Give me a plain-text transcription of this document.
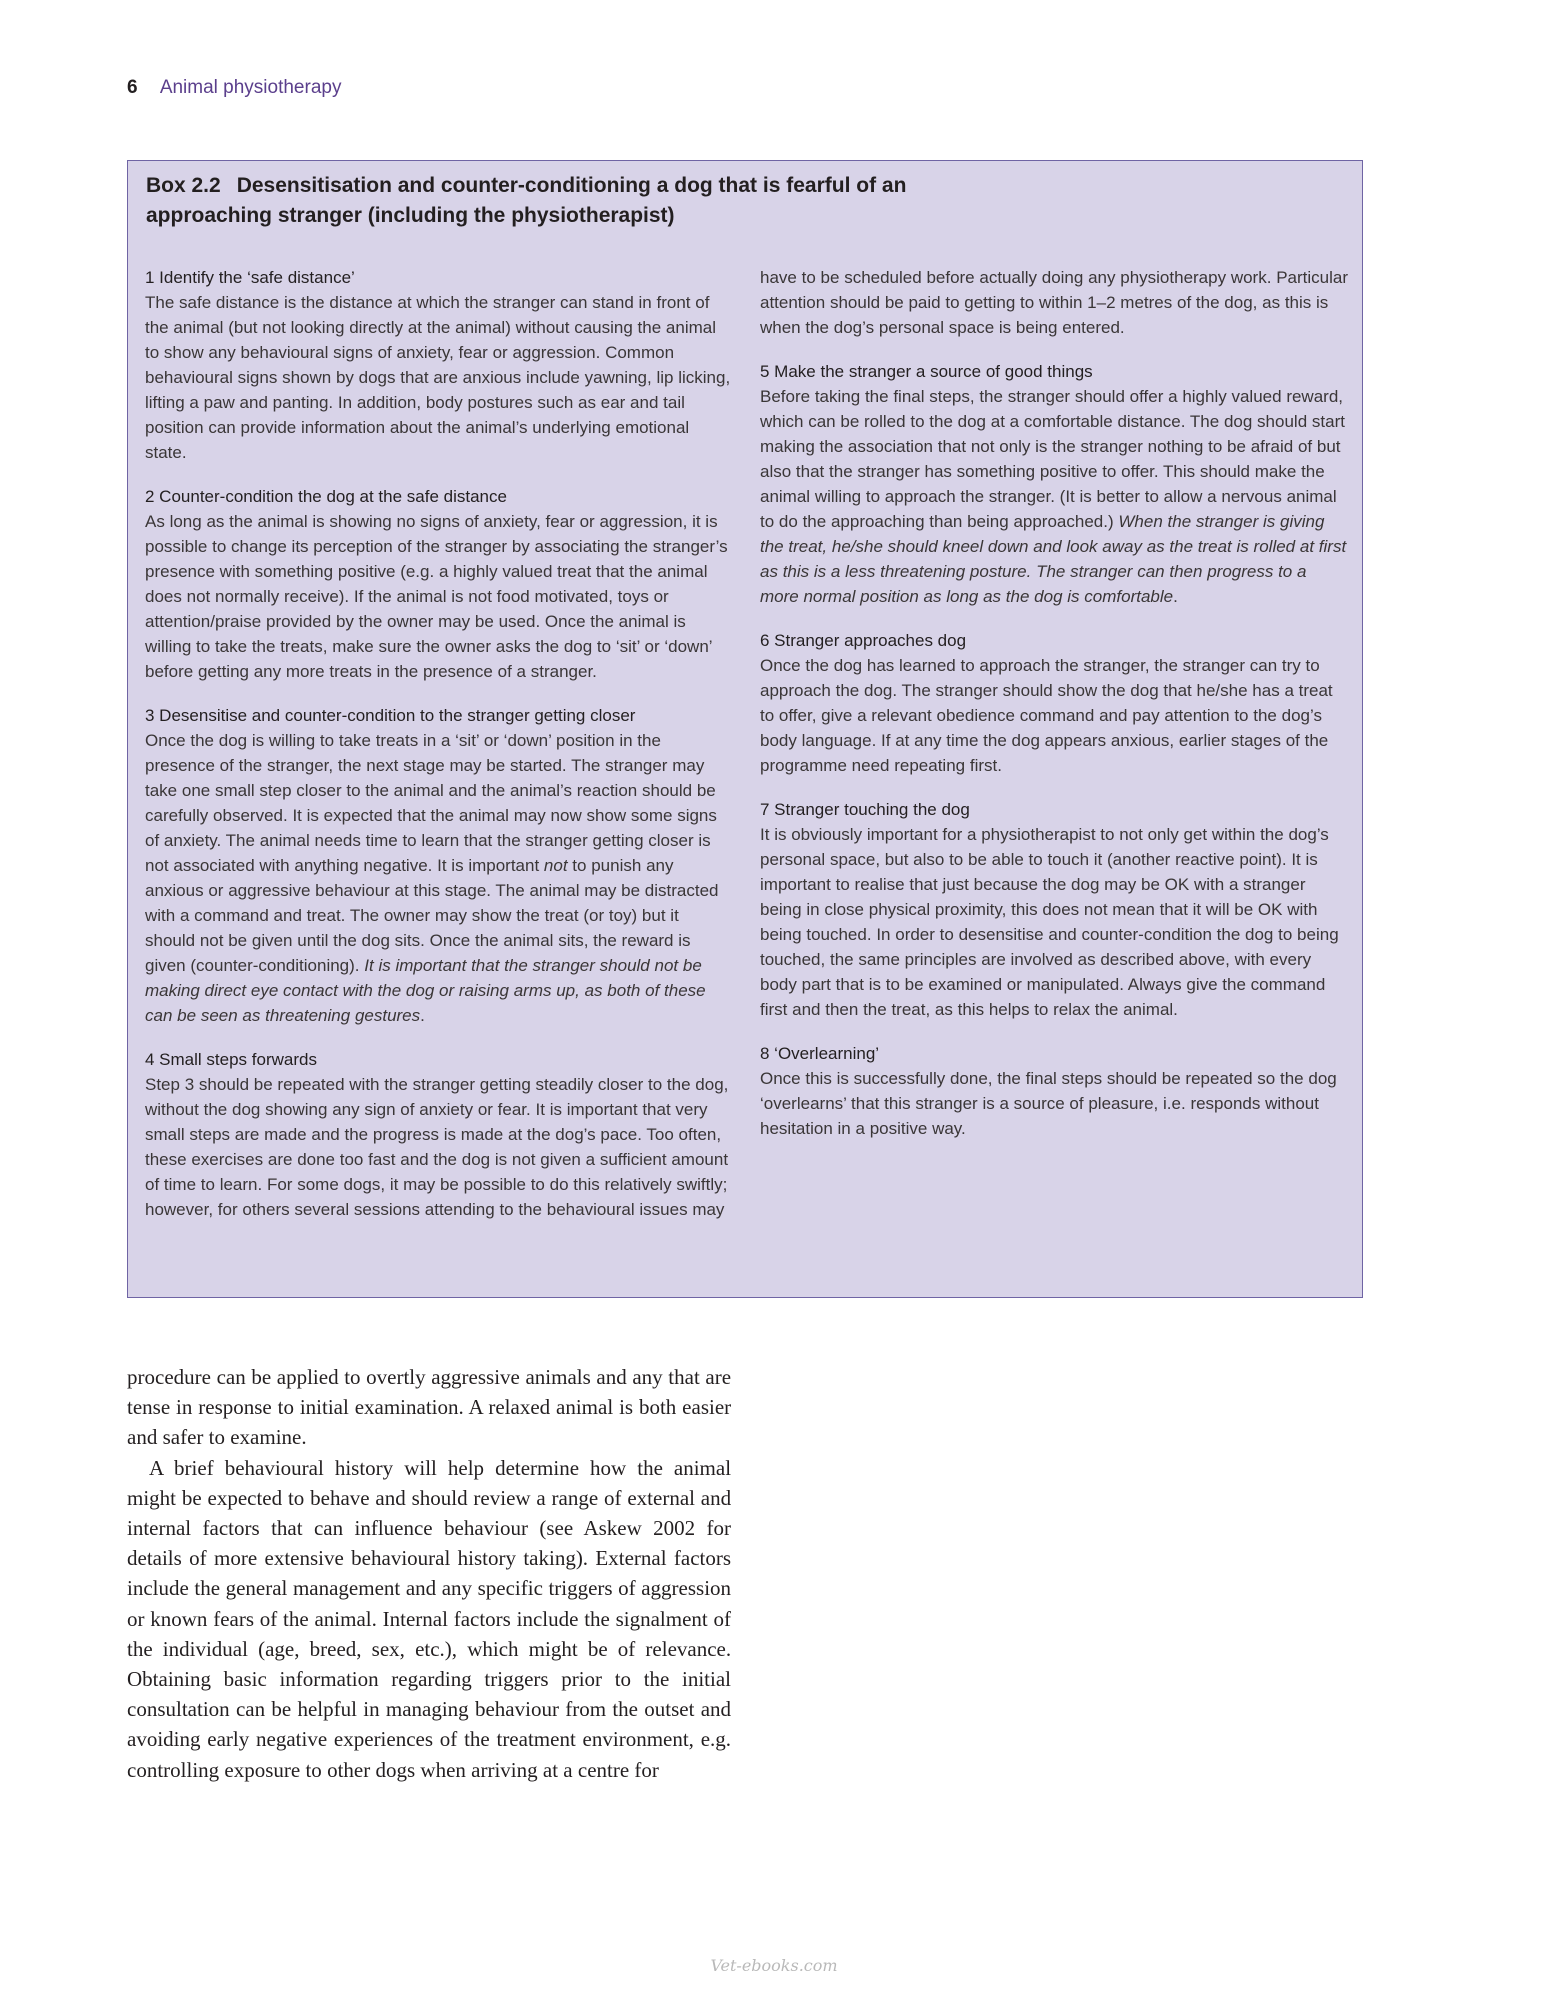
6 Animal physiotherapy
Box 2.2 Desensitisation and counter-conditioning a dog that is fearful of an approaching stranger (including the physiotherapist)
1 Identify the ‘safe distance’
The safe distance is the distance at which the stranger can stand in front of the animal (but not looking directly at the animal) without causing the animal to show any behavioural signs of anxiety, fear or aggression. Common behavioural signs shown by dogs that are anxious include yawning, lip licking, lifting a paw and panting. In addition, body postures such as ear and tail position can provide information about the animal’s underlying emotional state.
2 Counter-condition the dog at the safe distance
As long as the animal is showing no signs of anxiety, fear or aggression, it is possible to change its perception of the stranger by associating the stranger’s presence with something positive (e.g. a highly valued treat that the animal does not normally receive). If the animal is not food motivated, toys or attention/praise provided by the owner may be used. Once the animal is willing to take the treats, make sure the owner asks the dog to ‘sit’ or ‘down’ before getting any more treats in the presence of a stranger.
3 Desensitise and counter-condition to the stranger getting closer
Once the dog is willing to take treats in a ‘sit’ or ‘down’ position in the presence of the stranger, the next stage may be started. The stranger may take one small step closer to the animal and the animal’s reaction should be carefully observed. It is expected that the animal may now show some signs of anxiety. The animal needs time to learn that the stranger getting closer is not associated with anything negative. It is important not to punish any anxious or aggressive behaviour at this stage. The animal may be distracted with a command and treat. The owner may show the treat (or toy) but it should not be given until the dog sits. Once the animal sits, the reward is given (counter-conditioning). It is important that the stranger should not be making direct eye contact with the dog or raising arms up, as both of these can be seen as threatening gestures.
4 Small steps forwards
Step 3 should be repeated with the stranger getting steadily closer to the dog, without the dog showing any sign of anxiety or fear. It is important that very small steps are made and the progress is made at the dog’s pace. Too often, these exercises are done too fast and the dog is not given a sufficient amount of time to learn. For some dogs, it may be possible to do this relatively swiftly; however, for others several sessions attending to the behavioural issues may
have to be scheduled before actually doing any physiotherapy work. Particular attention should be paid to getting to within 1–2 metres of the dog, as this is when the dog’s personal space is being entered.
5 Make the stranger a source of good things
Before taking the final steps, the stranger should offer a highly valued reward, which can be rolled to the dog at a comfortable distance. The dog should start making the association that not only is the stranger nothing to be afraid of but also that the stranger has something positive to offer. This should make the animal willing to approach the stranger. (It is better to allow a nervous animal to do the approaching than being approached.) When the stranger is giving the treat, he/she should kneel down and look away as the treat is rolled at first as this is a less threatening posture. The stranger can then progress to a more normal position as long as the dog is comfortable.
6 Stranger approaches dog
Once the dog has learned to approach the stranger, the stranger can try to approach the dog. The stranger should show the dog that he/she has a treat to offer, give a relevant obedience command and pay attention to the dog’s body language. If at any time the dog appears anxious, earlier stages of the programme need repeating first.
7 Stranger touching the dog
It is obviously important for a physiotherapist to not only get within the dog’s personal space, but also to be able to touch it (another reactive point). It is important to realise that just because the dog may be OK with a stranger being in close physical proximity, this does not mean that it will be OK with being touched. In order to desensitise and counter-condition the dog to being touched, the same principles are involved as described above, with every body part that is to be examined or manipulated. Always give the command first and then the treat, as this helps to relax the animal.
8 ‘Overlearning’
Once this is successfully done, the final steps should be repeated so the dog ‘overlearns’ that this stranger is a source of pleasure, i.e. responds without hesitation in a positive way.

procedure can be applied to overtly aggressive animals and any that are tense in response to initial examination. A relaxed animal is both easier and safer to examine.

A brief behavioural history will help determine how the animal might be expected to behave and should review a range of external and internal factors that can influence behaviour (see Askew 2002 for details of more extensive behavioural history taking). External factors include the general management and any specific triggers of aggression or known fears of the animal. Internal factors include the signalment of the individual (age, breed, sex, etc.), which might be of relevance. Obtaining basic information regarding triggers prior to the initial consultation can be helpful in managing behaviour from the outset and avoiding early negative experiences of the treatment environment, e.g. controlling exposure to other dogs when arriving at a centre for

Vet-ebooks.com
